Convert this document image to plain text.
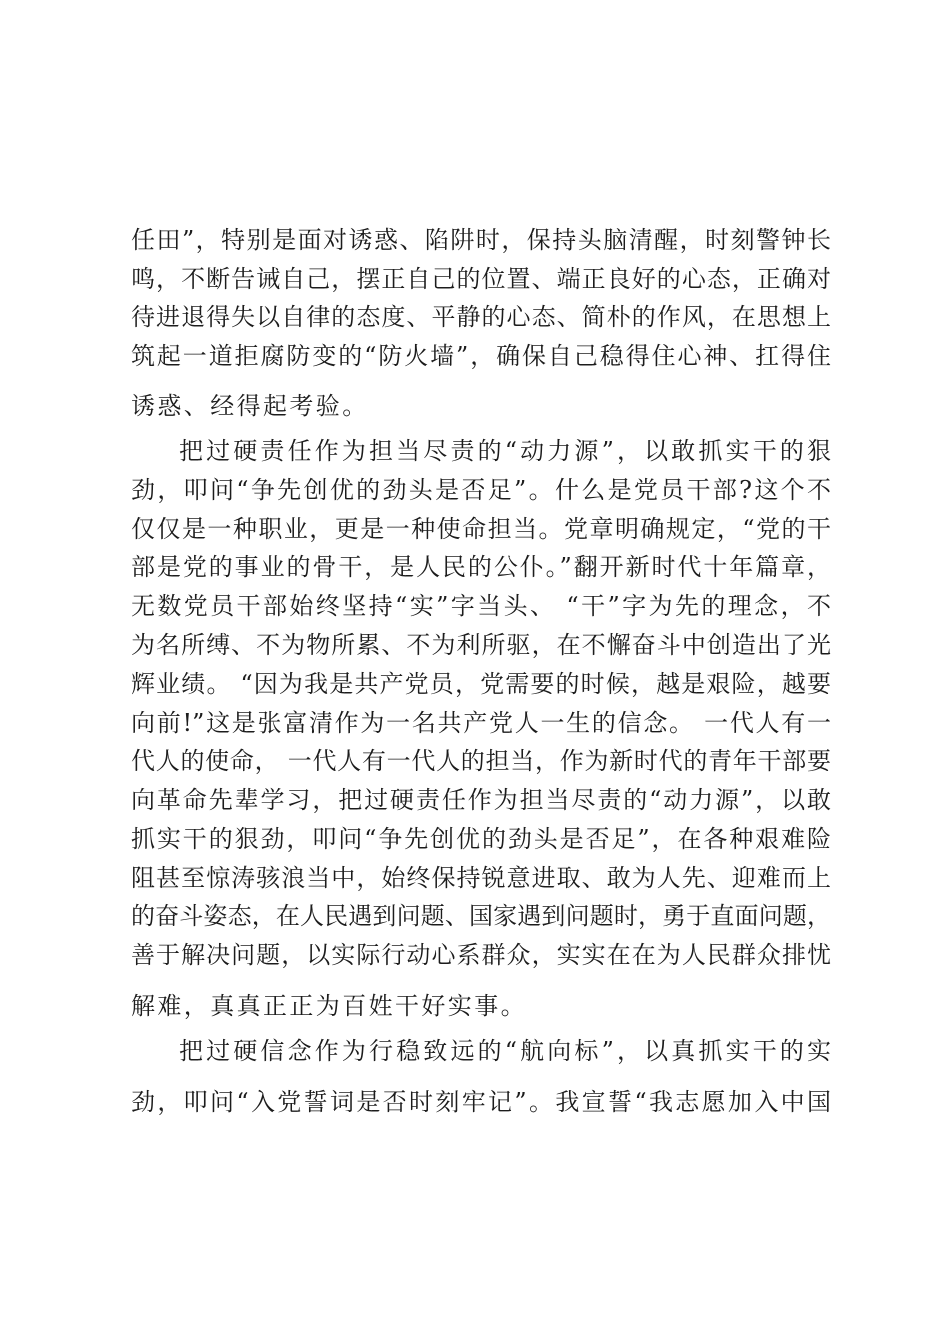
任田”，特别是面对诱惑、陷阱时，保持头脑清醒，时刻警钟长
鸣，不断告诫自己，摆正自己的位置、端正良好的心态，正确对
待进退得失以自律的态度、平静的心态、简朴的作风，在思想上
筑起一道拒腐防变的“防火墙”，确保自己稳得住心神、扛得住
诱惑、经得起考验。
把过硬责任作为担当尽责的“动力源”，以敢抓实干的狠
劲，叩问“争先创优的劲头是否足”。什么是党员干部?这个不
仅仅是一种职业，更是一种使命担当。党章明确规定，“党的干
部是党的事业的骨干，是人民的公仆。”翻开新时代十年篇章，
无数党员干部始终坚持“实”字当头、 “干”字为先的理念，不
为名所缚、不为物所累、不为利所驱，在不懈奋斗中创造出了光
辉业绩。 “因为我是共产党员，党需要的时候，越是艰险，越要
向前!”这是张富清作为一名共产党人一生的信念。 一代人有一
代人的使命， 一代人有一代人的担当，作为新时代的青年干部要
向革命先辈学习，把过硬责任作为担当尽责的“动力源”，以敢
抓实干的狠劲，叩问“争先创优的劲头是否足”，在各种艰难险
阻甚至惊涛骇浪当中，始终保持锐意进取、敢为人先、迎难而上
的奋斗姿态，在人民遇到问题、国家遇到问题时，勇于直面问题，
善于解决问题，以实际行动心系群众，实实在在为人民群众排忧
解难，真真正正为百姓干好实事。
把过硬信念作为行稳致远的“航向标”，以真抓实干的实
劲，叩问“入党誓词是否时刻牢记”。我宣誓“我志愿加入中国
